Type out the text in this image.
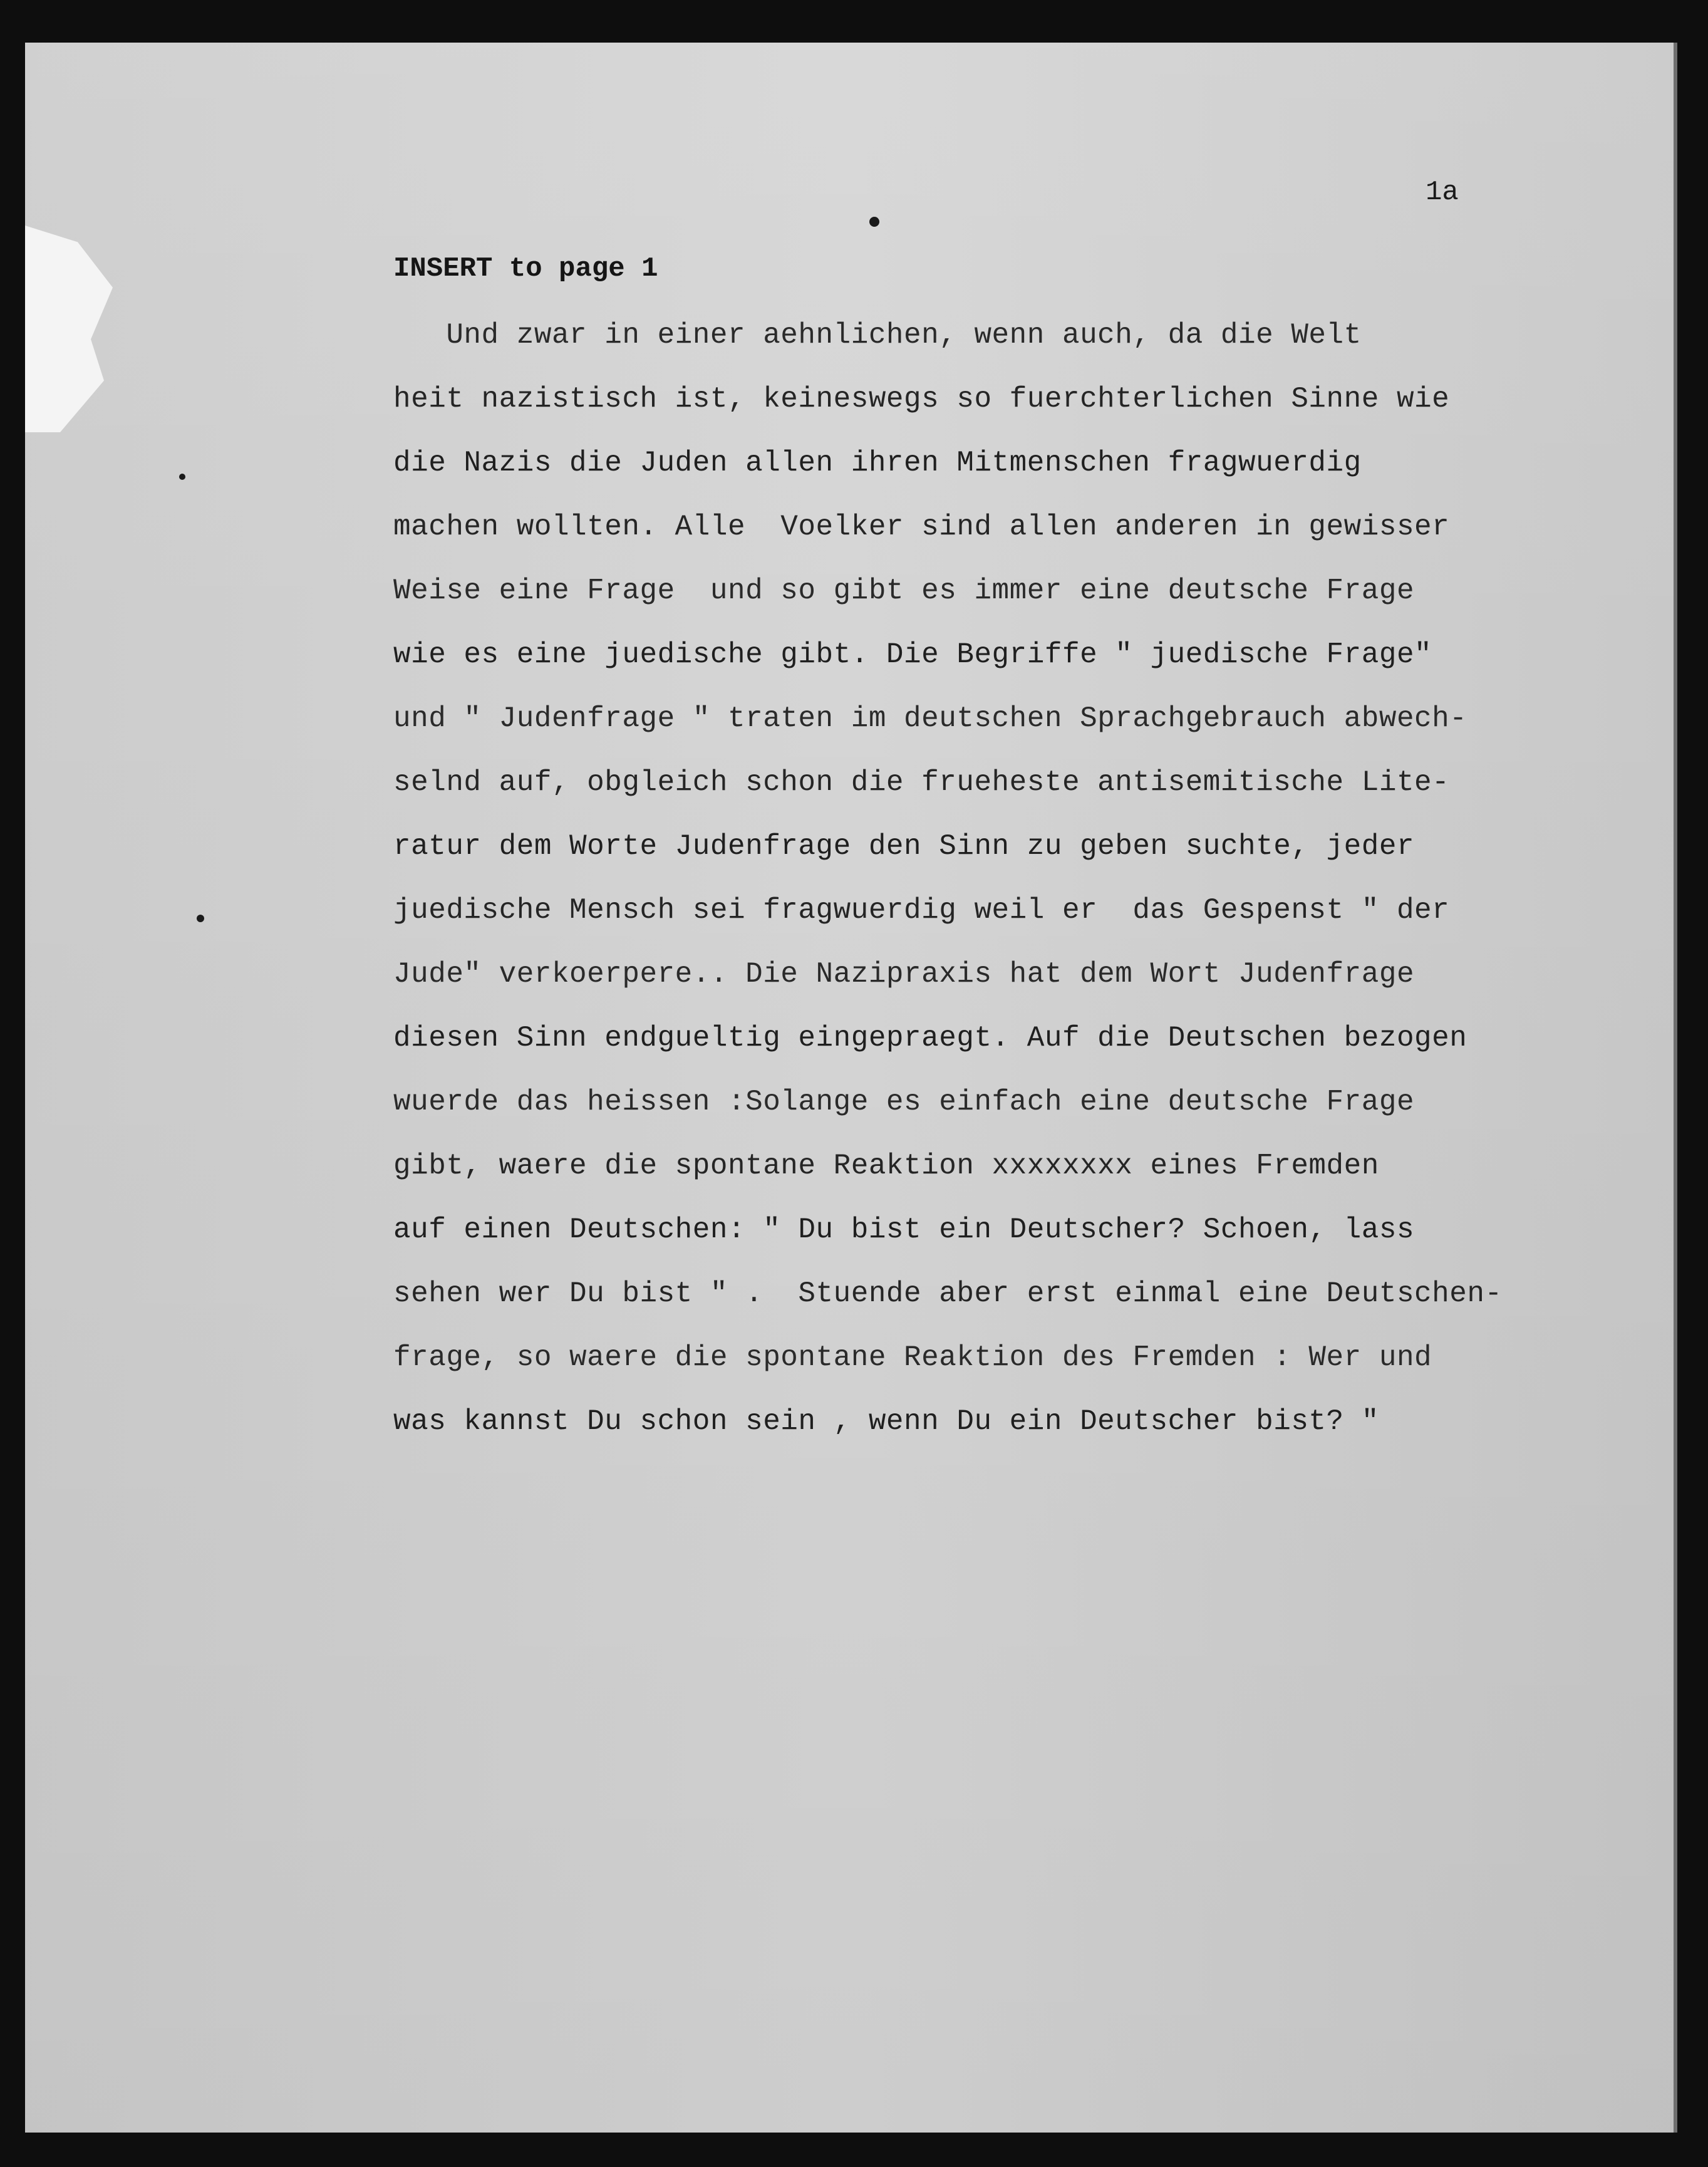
1a

INSERT to page 1

Und zwar in einer aehnlichen, wenn auch, da die Welt
heit nazistisch ist, keineswegs so fuerchterlichen Sinne wie
die Nazis die Juden allen ihren Mitmenschen fragwuerdig
machen wollten. Alle  Voelker sind allen anderen in gewisser
Weise eine Frage  und so gibt es immer eine deutsche Frage
wie es eine juedische gibt. Die Begriffe " juedische Frage"
und " Judenfrage " traten im deutschen Sprachgebrauch abwech-
selnd auf, obgleich schon die frueheste antisemitische Lite-
ratur dem Worte Judenfrage den Sinn zu geben suchte, jeder
juedische Mensch sei fragwuerdig weil er  das Gespenst " der
Jude" verkoerpere.. Die Nazipraxis hat dem Wort Judenfrage
diesen Sinn endgueltig eingepraegt. Auf die Deutschen bezogen
wuerde das heissen :Solange es einfach eine deutsche Frage
gibt, waere die spontane Reaktion xxxxxxxx eines Fremden
auf einen Deutschen: " Du bist ein Deutscher? Schoen, lass
sehen wer Du bist " .  Stuende aber erst einmal eine Deutschen-
frage, so waere die spontane Reaktion des Fremden : Wer und
was kannst Du schon sein , wenn Du ein Deutscher bist? "
